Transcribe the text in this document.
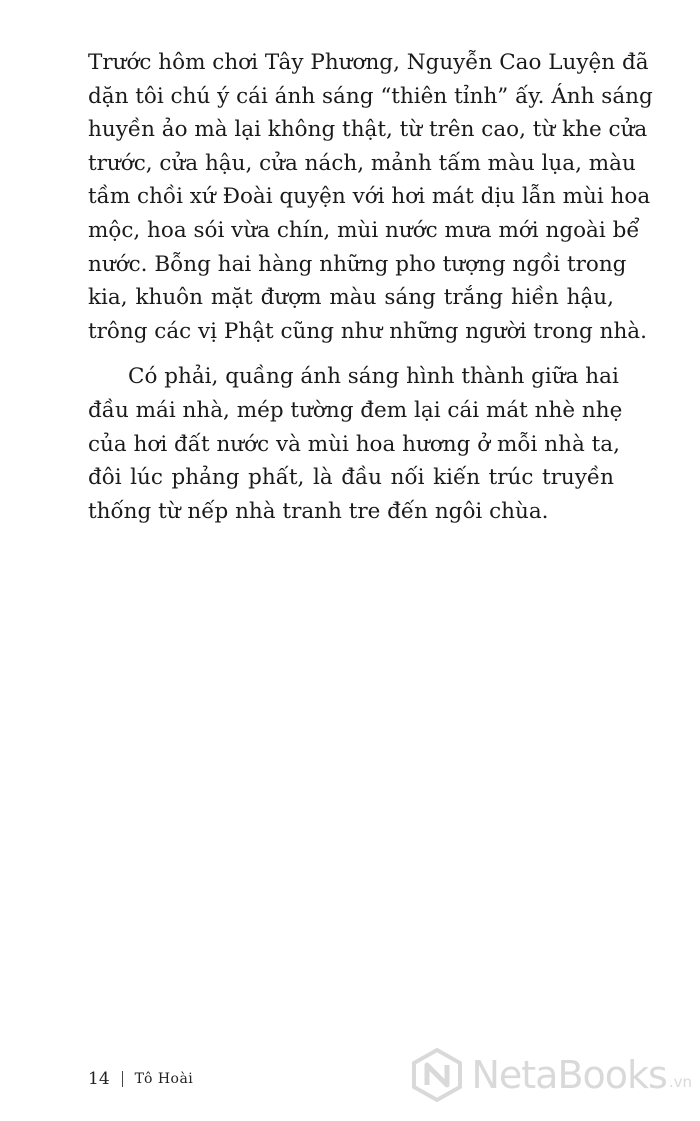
Trước hôm chơi Tây Phương, Nguyễn Cao Luyện đã
dặn tôi chú ý cái ánh sáng “thiên tỉnh” ấy. Ánh sáng
huyền ảo mà lại không thật, từ trên cao, từ khe cửa
trước, cửa hậu, cửa nách, mảnh tấm màu lụa, màu
tầm chồi xứ Đoài quyện với hơi mát dịu lẫn mùi hoa
mộc, hoa sói vừa chín, mùi nước mưa mới ngoài bể
nước. Bỗng hai hàng những pho tượng ngồi trong
kia, khuôn mặt đượm màu sáng trắng hiền hậu,
trông các vị Phật cũng như những người trong nhà.
Có phải, quầng ánh sáng hình thành giữa hai
đầu mái nhà, mép tường đem lại cái mát nhè nhẹ
của hơi đất nước và mùi hoa hương ở mỗi nhà ta,
đôi lúc phảng phất, là đầu nối kiến trúc truyền
thống từ nếp nhà tranh tre đến ngôi chùa.
14 Tô Hoài	NetaBooks .vn
